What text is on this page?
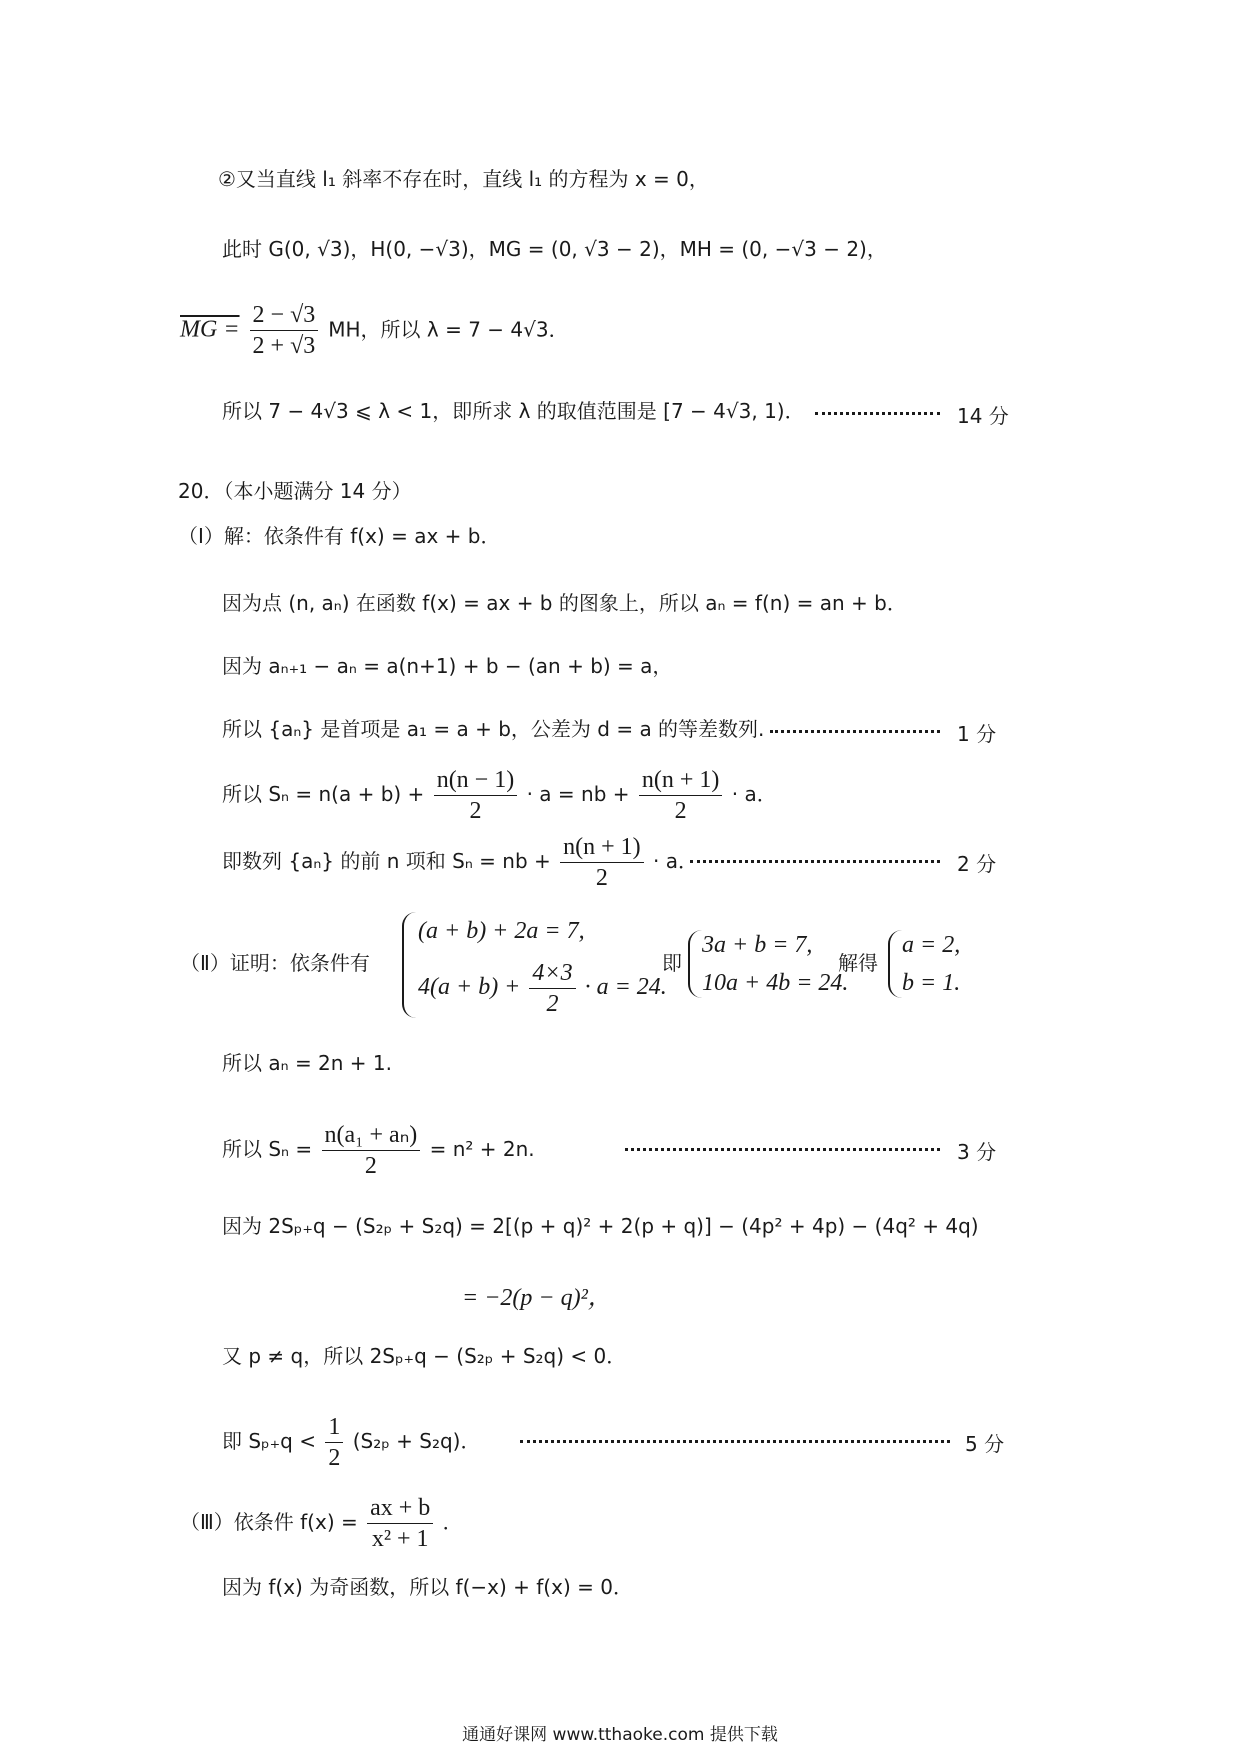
②又当直线 l₁ 斜率不存在时，直线 l₁ 的方程为 x = 0，
此时 G(0, √3)，H(0, −√3)，MG = (0, √3 − 2)，MH = (0, −√3 − 2)，
MG = $\frac{2 - √3}{2 + √3}$ MH，所以 λ = 7 − 4√3．
所以 7 − 4√3 ⩽ λ < 1，即所求 λ 的取值范围是 [7 − 4√3, 1)．	14 分
20．（本小题满分 14 分）
（Ⅰ）解：依条件有 f(x) = ax + b．
因为点 (n, aₙ) 在函数 f(x) = ax + b 的图象上，所以 aₙ = f(n) = an + b．
因为 aₙ₊₁ − aₙ = a(n+1) + b − (an + b) = a，
所以 {aₙ} 是首项是 a₁ = a + b，公差为 d = a 的等差数列.	1 分
所以 $S_n = n(a + b) + \frac{n(n - 1)}{2} \cdot a$ = nb + $\frac{n(n + 1)}{2} \cdot a$．
即数列 {aₙ} 的前 n 项和 Sₙ = nb + $\frac{n(n + 1)}{2} \cdot a$．	2 分
（Ⅱ）证明：依条件有
(a + b) + 2a = 7,
$4(a + b) + \frac{4\times 3}{2} \cdot a = 24$.
即
3a + b = 7,
10a + 4b = 24.
解得
a = 2,
b = 1.
所以 aₙ = 2n + 1.
所以 $S_n = \frac{\text{n(a₁ + aₙ)}}{2} = n^2 + 2n$.	3 分
因为 2Sₚ₊q − (S₂ₚ + S₂q) = 2[(p + q)² + 2(p + q)] − (4p² + 4p) − (4q² + 4q)
= −2(p − q)²，
又 p ≠ q，所以 2Sₚ₊q − (S₂ₚ + S₂q) < 0．
即 $S_{p+}q < \frac{1}{2} (S_{2p} + S_2q)$．	5 分
（Ⅲ）依条件 $f(x) = \frac{ax + b}{\text{x² + 1}}$ ．
因为 f(x) 为奇函数，所以 f(−x) + f(x) = 0．
通通好课网 www.tthaoke.com 提供下载
